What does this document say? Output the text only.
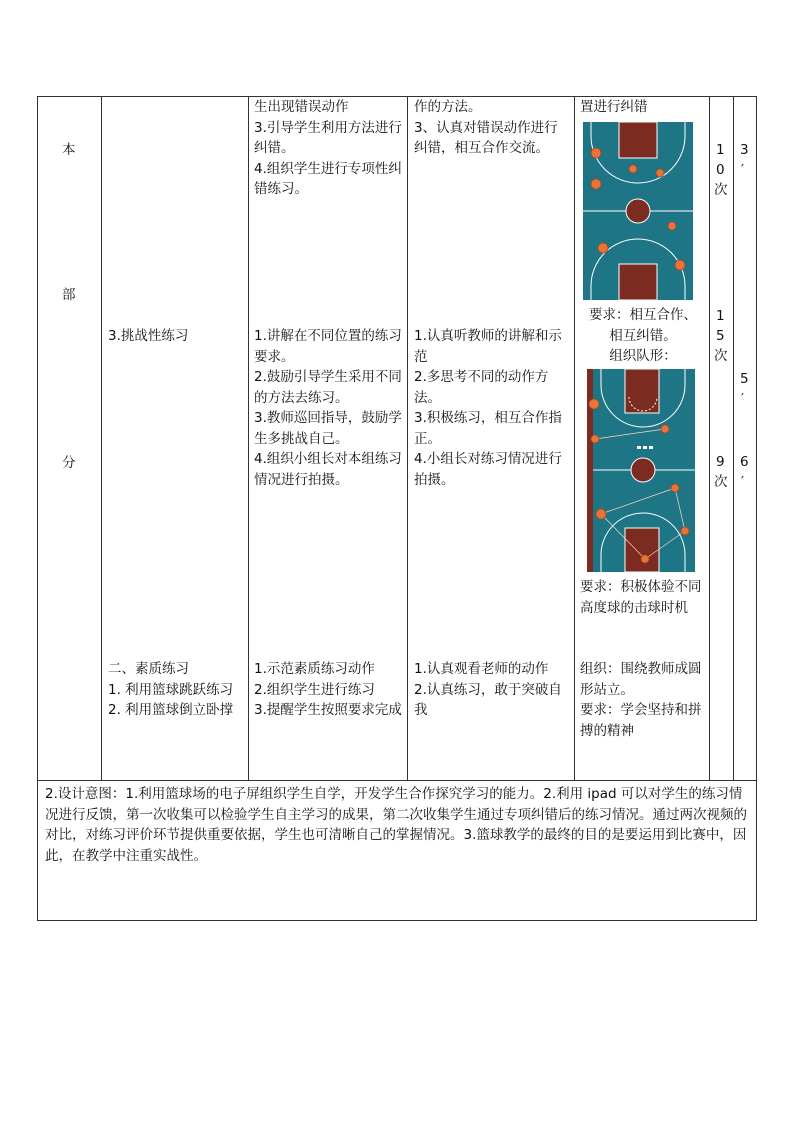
本
部
分
生出现错误动作
3.引导学生利用方法进行纠错。
4.组织学生进行专项性纠错练习。
作的方法。
3、认真对错误动作进行纠错，相互合作交流。
置进行纠错
要求：相互合作、相互纠错。
组织队形：
1
0
次
3
′
3.挑战性练习	1.讲解在不同位置的练习要求。
2.鼓励引导学生采用不同的方法去练习。
3.教师巡回指导，鼓励学生多挑战自己。
4.组织小组长对本组练习情况进行拍摄。
1.认真听教师的讲解和示范
2.多思考不同的动作方法。
3.积极练习，相互合作指正。
4.小组长对练习情况进行拍摄。
要求：积极体验不同高度球的击球时机
1
5
次
5
′
9
次
6
′
二、素质练习
1. 利用篮球跳跃练习
2. 利用篮球倒立卧撑
1.示范素质练习动作
2.组织学生进行练习
3.提醒学生按照要求完成
1.认真观看老师的动作
2.认真练习，敢于突破自我
组织：围绕教师成圆形站立。
要求：学会坚持和拼搏的精神
2.设计意图：1.利用篮球场的电子屏组织学生自学，开发学生合作探究学习的能力。2.利用 ipad 可以对学生的练习情况进行反馈，第一次收集可以检验学生自主学习的成果，第二次收集学生通过专项纠错后的练习情况。通过两次视频的对比，对练习评价环节提供重要依据，学生也可清晰自己的掌握情况。3.篮球教学的最终的目的是要运用到比赛中，因此，在教学中注重实战性。
